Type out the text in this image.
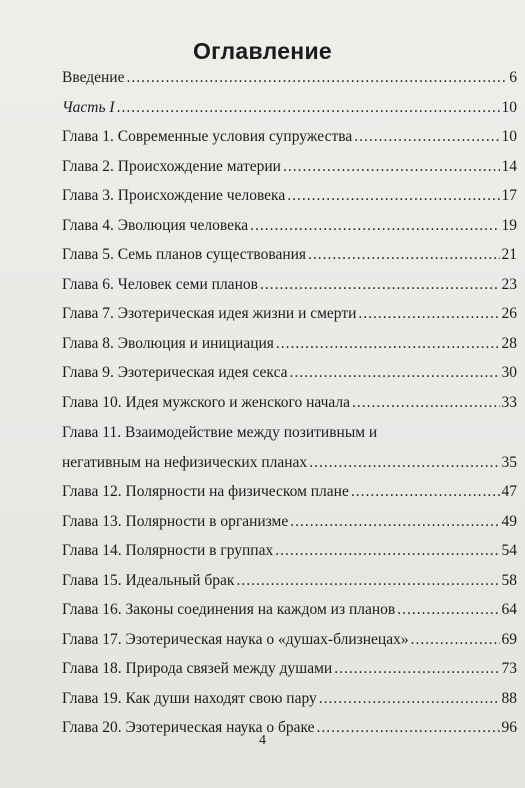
Оглавление
Введение .....	6
Часть I .....	10
Глава 1. Современные условия супружества .....	10
Глава 2. Происхождение материи .....	14
Глава 3. Происхождение человека .....	17
Глава 4. Эволюция человека .....	19
Глава 5. Семь планов существования .....	21
Глава 6. Человек семи планов .....	23
Глава 7. Эзотерическая идея жизни и смерти .....	26
Глава 8. Эволюция и инициация .....	28
Глава 9. Эзотерическая идея секса .....	30
Глава 10. Идея мужского и женского начала .....	33
Глава 11. Взаимодействие между позитивным и
негативным на нефизических планах .....	35
Глава 12. Полярности на физическом плане .....	47
Глава 13. Полярности в организме .....	49
Глава 14. Полярности в группах .....	54
Глава 15. Идеальный брак .....	58
Глава 16. Законы соединения на каждом из планов .....	64
Глава 17. Эзотерическая наука о «душах-близнецах» .....	69
Глава 18. Природа связей между душами .....	73
Глава 19. Как души находят свою пару .....	88
Глава 20. Эзотерическая наука о браке .....	96
4
